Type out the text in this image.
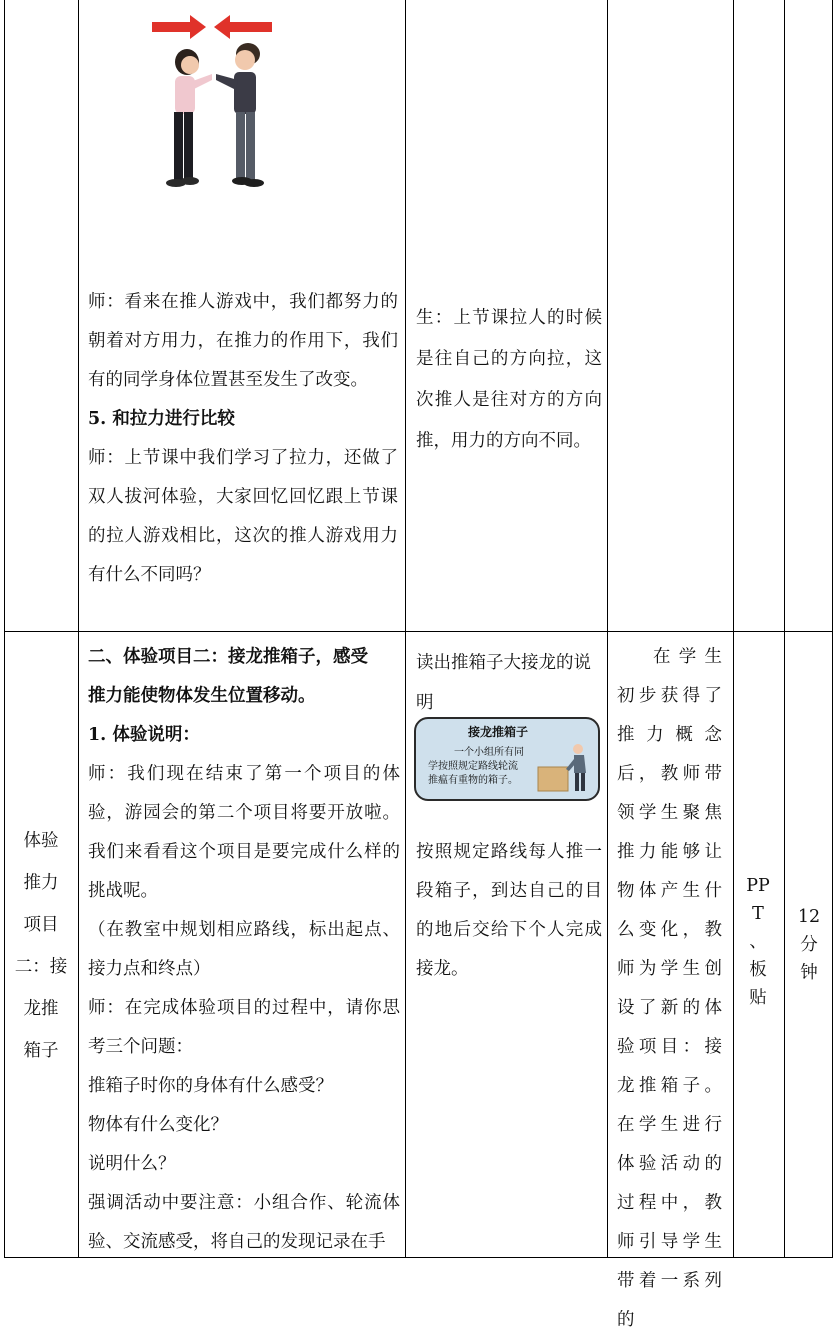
师：看来在推人游戏中，我们都努力的朝着对方用力，在推力的作用下，我们有的同学身体位置甚至发生了改变。

5. 和拉力进行比较

师：上节课中我们学习了拉力，还做了双人拔河体验，大家回忆回忆跟上节课的拉人游戏相比，这次的推人游戏用力有什么不同吗？

生：上节课拉人的时候是往自己的方向拉，这次推人是往对方的方向推，用力的方向不同。

体验

推力

项目

二：接

龙推

箱子

二、体验项目二：接龙推箱子，感受

推力能使物体发生位置移动。

1. 体验说明：

师：我们现在结束了第一个项目的体验，游园会的第二个项目将要开放啦。我们来看看这个项目是要完成什么样的挑战呢。

（在教室中规划相应路线，标出起点、接力点和终点）

师：在完成体验项目的过程中，请你思考三个问题：

推箱子时你的身体有什么感受？

物体有什么变化？

说明什么？

强调活动中要注意：小组合作、轮流体验、交流感受，将自己的发现记录在手

读出推箱子大接龙的说明

接龙推箱子
一个小组所有同
学按照规定路线轮流
推瘟有重物的箱子。

按照规定路线每人推一段箱子，到达自己的目的地后交给下个人完成接龙。

在学生初步获得了推力概念后，教师带领学生聚焦推力能够让物体产生什么变化，教师为学生创设了新的体验项目：接龙推箱子。在学生进行体验活动的过程中，教师引导学生带着一系列的

PP

T

、

板

贴

12

分

钟
